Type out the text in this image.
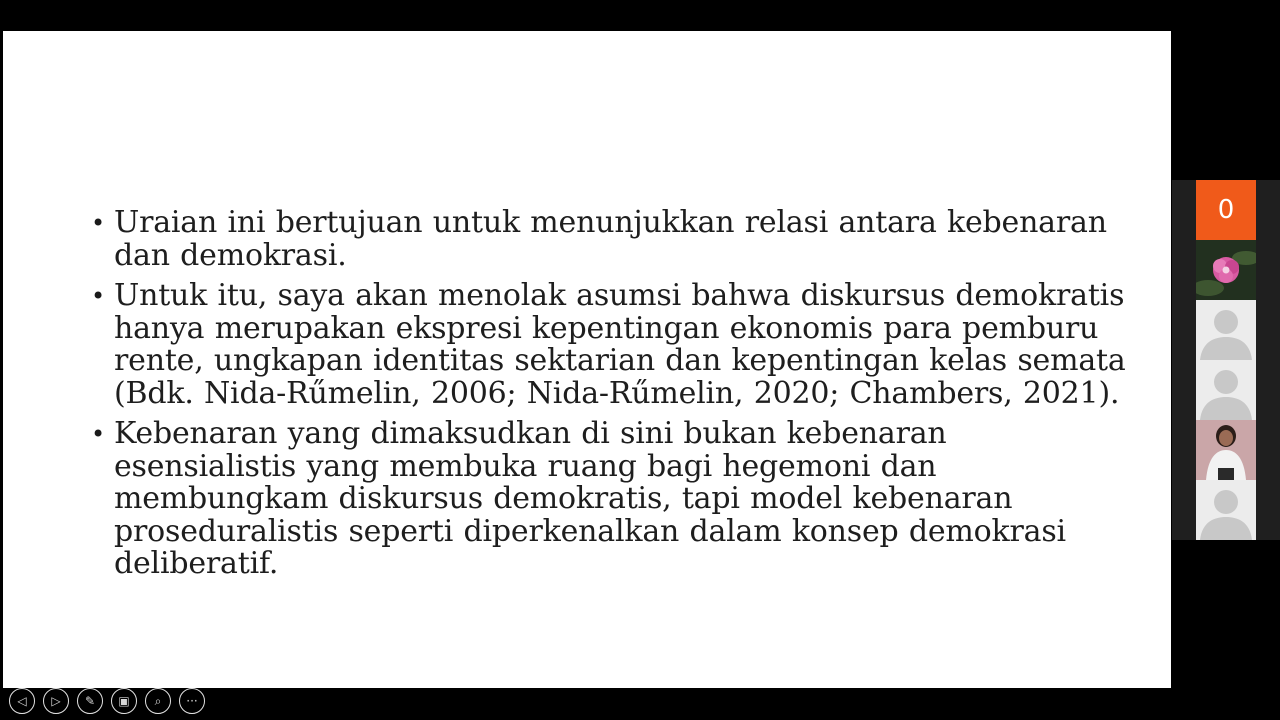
• Uraian ini bertujuan untuk menunjukkan relasi antara kebenaran dan demokrasi.
• Untuk itu, saya akan menolak asumsi bahwa diskursus demokratis hanya merupakan ekspresi kepentingan ekonomis para pemburu rente, ungkapan identitas sektarian dan kepentingan kelas semata (Bdk. Nida-Rűmelin, 2006; Nida-Rűmelin, 2020; Chambers, 2021).
• Kebenaran yang dimaksudkan di sini bukan kebenaran esensialistis yang membuka ruang bagi hegemoni dan membungkam diskursus demokratis, tapi model kebenaran proseduralistis seperti diperkenalkan dalam konsep demokrasi deliberatif.
◁	▷	✎	▣	⌕	···
0
